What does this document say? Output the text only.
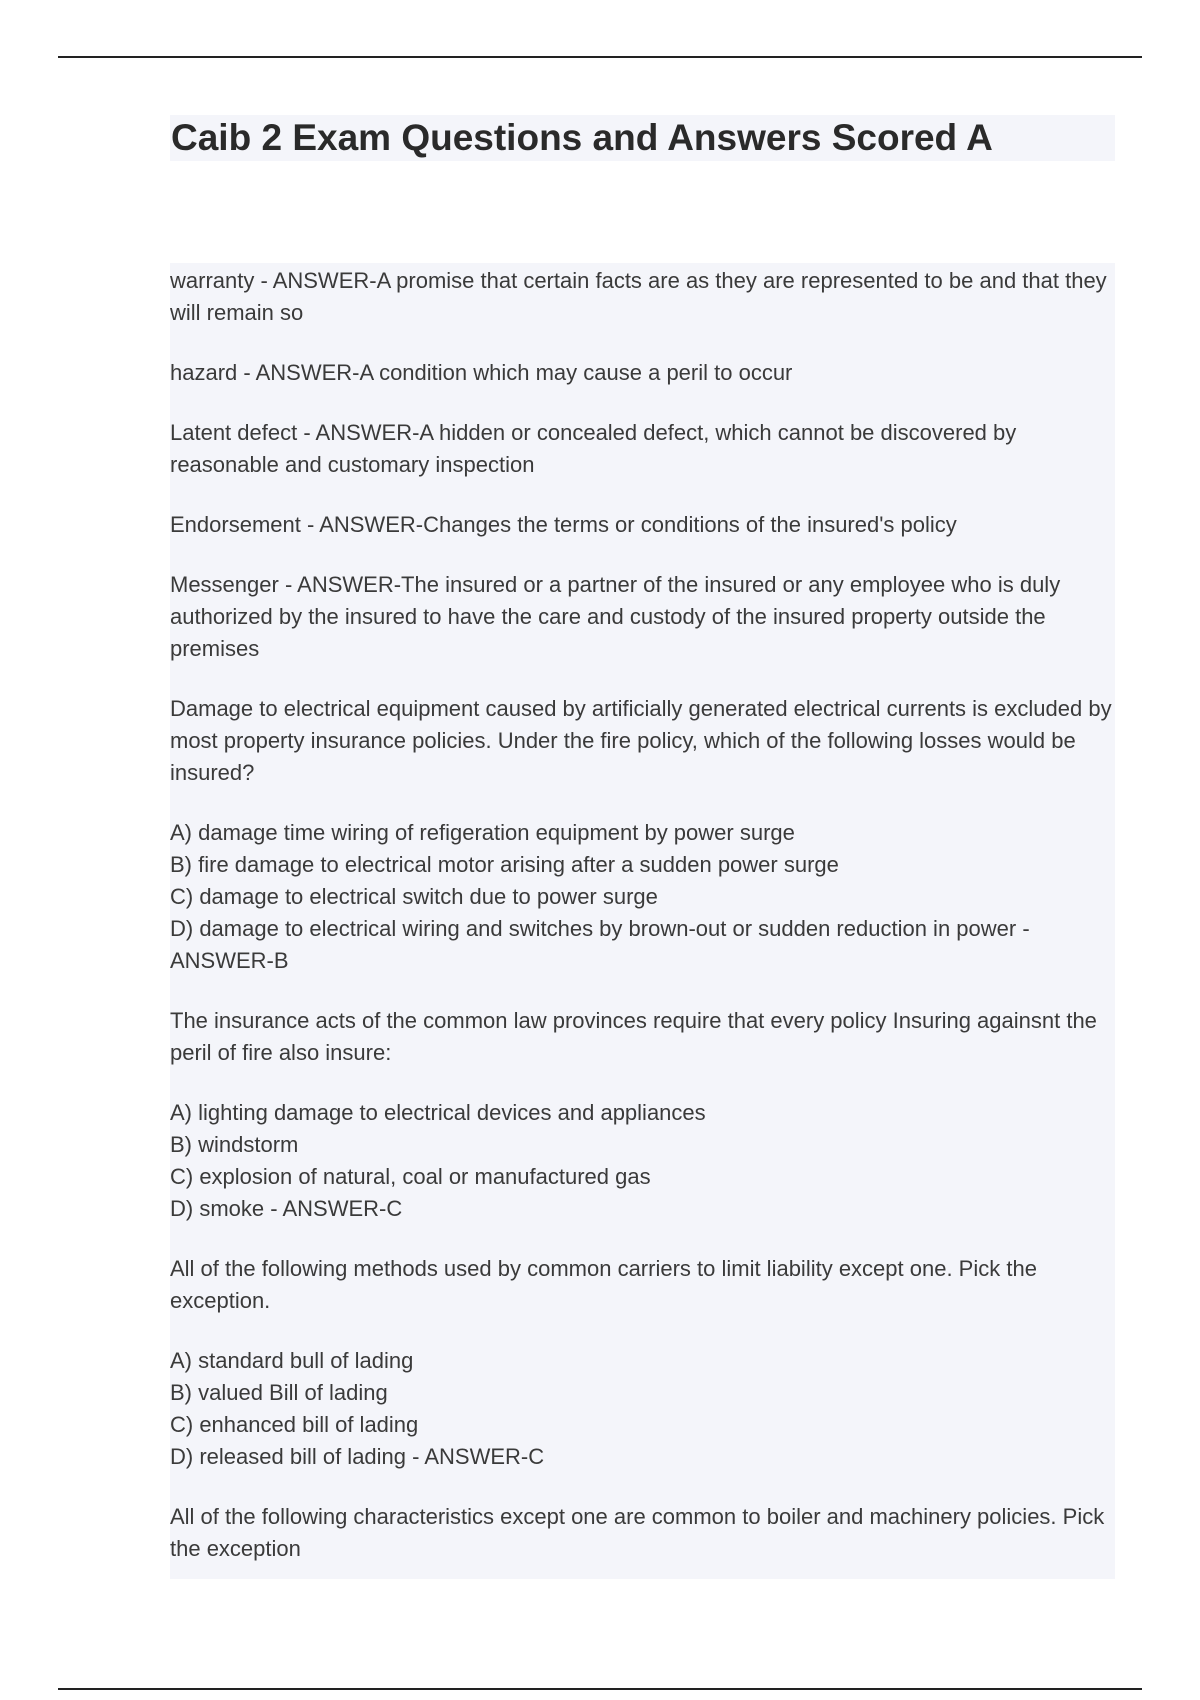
Caib 2 Exam Questions and Answers Scored A

warranty - ANSWER-A promise that certain facts are as they are represented to be and that they will remain so

hazard - ANSWER-A condition which may cause a peril to occur

Latent defect - ANSWER-A hidden or concealed defect, which cannot be discovered by reasonable and customary inspection

Endorsement - ANSWER-Changes the terms or conditions of the insured's policy

Messenger - ANSWER-The insured or a partner of the insured or any employee who is duly authorized by the insured to have the care and custody of the insured property outside the premises

Damage to electrical equipment caused by artificially generated electrical currents is excluded by most property insurance policies. Under the fire policy, which of the following losses would be insured?

A) damage time wiring of refigeration equipment by power surge
B) fire damage to electrical motor arising after a sudden power surge
C) damage to electrical switch due to power surge
D) damage to electrical wiring and switches by brown-out or sudden reduction in power - ANSWER-B

The insurance acts of the common law provinces require that every policy Insuring againsnt the peril of fire also insure:

A) lighting damage to electrical devices and appliances
B) windstorm
C) explosion of natural, coal or manufactured gas
D) smoke - ANSWER-C

All of the following methods used by common carriers to limit liability except one. Pick the exception.

A) standard bull of lading
B) valued Bill of lading
C) enhanced bill of lading
D) released bill of lading - ANSWER-C

All of the following characteristics except one are common to boiler and machinery policies. Pick the exception
